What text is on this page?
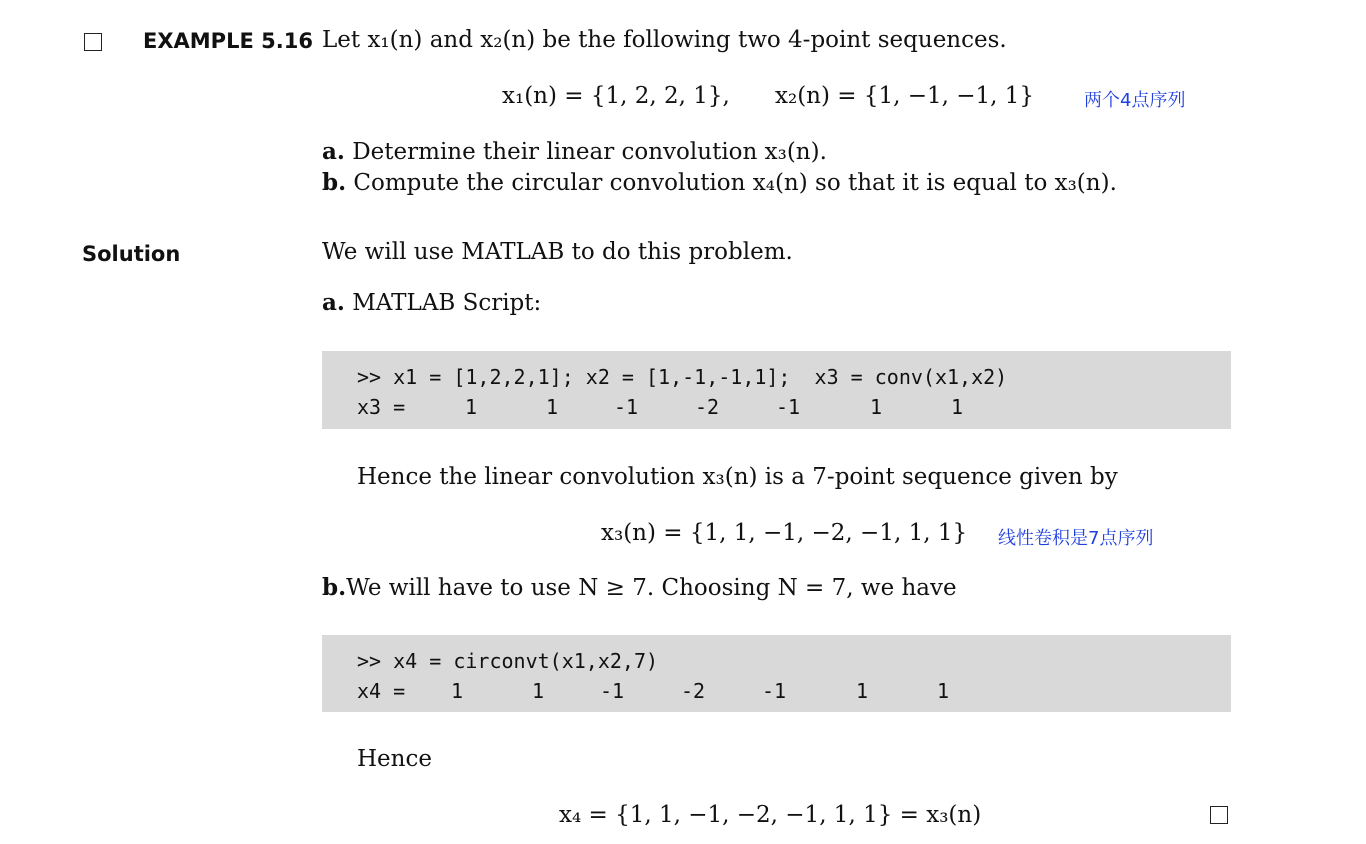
EXAMPLE 5.16 Let x₁(n) and x₂(n) be the following two 4-point sequences.
x₁(n) = {1, 2, 2, 1}, x₂(n) = {1, −1, −1, 1}	两个4点序列
a. Determine their linear convolution x₃(n).
b. Compute the circular convolution x₄(n) so that it is equal to x₃(n).
Solution	We will use MATLAB to do this problem.
a. MATLAB Script:
>> x1 = [1,2,2,1]; x2 = [1,-1,-1,1];  x3 = conv(x1,x2)
x3 =	1	1	-1	-2	-1	1	1
Hence the linear convolution x₃(n) is a 7-point sequence given by
x₃(n) = {1, 1, −1, −2, −1, 1, 1} 线性卷积是7点序列
b.We will have to use N ≥ 7. Choosing N = 7, we have
>> x4 = circonvt(x1,x2,7)
x4 = 1	1	-1	-2	-1	1	1
Hence
x₄ = {1, 1, −1, −2, −1, 1, 1} = x₃(n)
